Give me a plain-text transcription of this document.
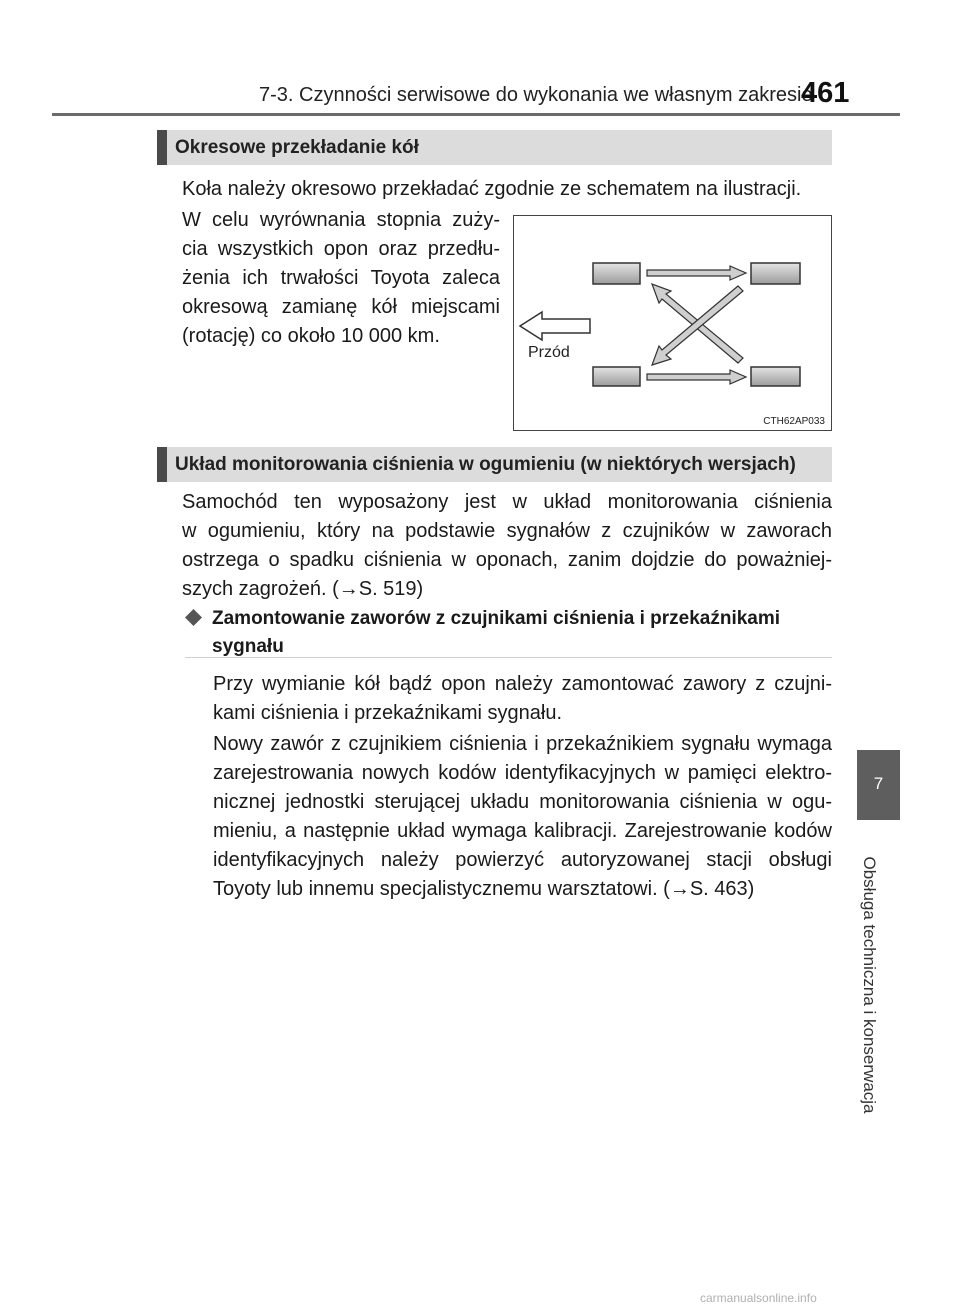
7-3. Czynności serwisowe do wykonania we własnym zakresie
461
Okresowe przekładanie kół

Koła należy okresowo przekładać zgodnie ze schematem na ilustracji.

W celu wyrównania stopnia zuży-
cia wszystkich opon oraz przedłu-
żenia ich trwałości Toyota zaleca
okresową zamianę kół miejscami
(rotację) co około 10 000 km.

Przód
CTH62AP033
Układ monitorowania ciśnienia w ogumieniu (w niektórych wersjach)

Samochód ten wyposażony jest w układ monitorowania ciśnienia
w ogumieniu, który na podstawie sygnałów z czujników w zaworach
ostrzega o spadku ciśnienia w oponach, zanim dojdzie do poważniej-
szych zagrożeń. (→S. 519)

Zamontowanie zaworów z czujnikami ciśnienia i przekaźnikami sygnału

Przy wymianie kół bądź opon należy zamontować zawory z czujni-
kami ciśnienia i przekaźnikami sygnału.

Nowy zawór z czujnikiem ciśnienia i przekaźnikiem sygnału wymaga
zarejestrowania nowych kodów identyfikacyjnych w pamięci elektro-
nicznej jednostki sterującej układu monitorowania ciśnienia w ogu-
mieniu, a następnie układ wymaga kalibracji. Zarejestrowanie kodów
identyfikacyjnych należy powierzyć autoryzowanej stacji obsługi
Toyoty lub innemu specjalistycznemu warsztatowi. (→S. 463)

7
Obsługa techniczna i konserwacja
carmanualsonline.info
